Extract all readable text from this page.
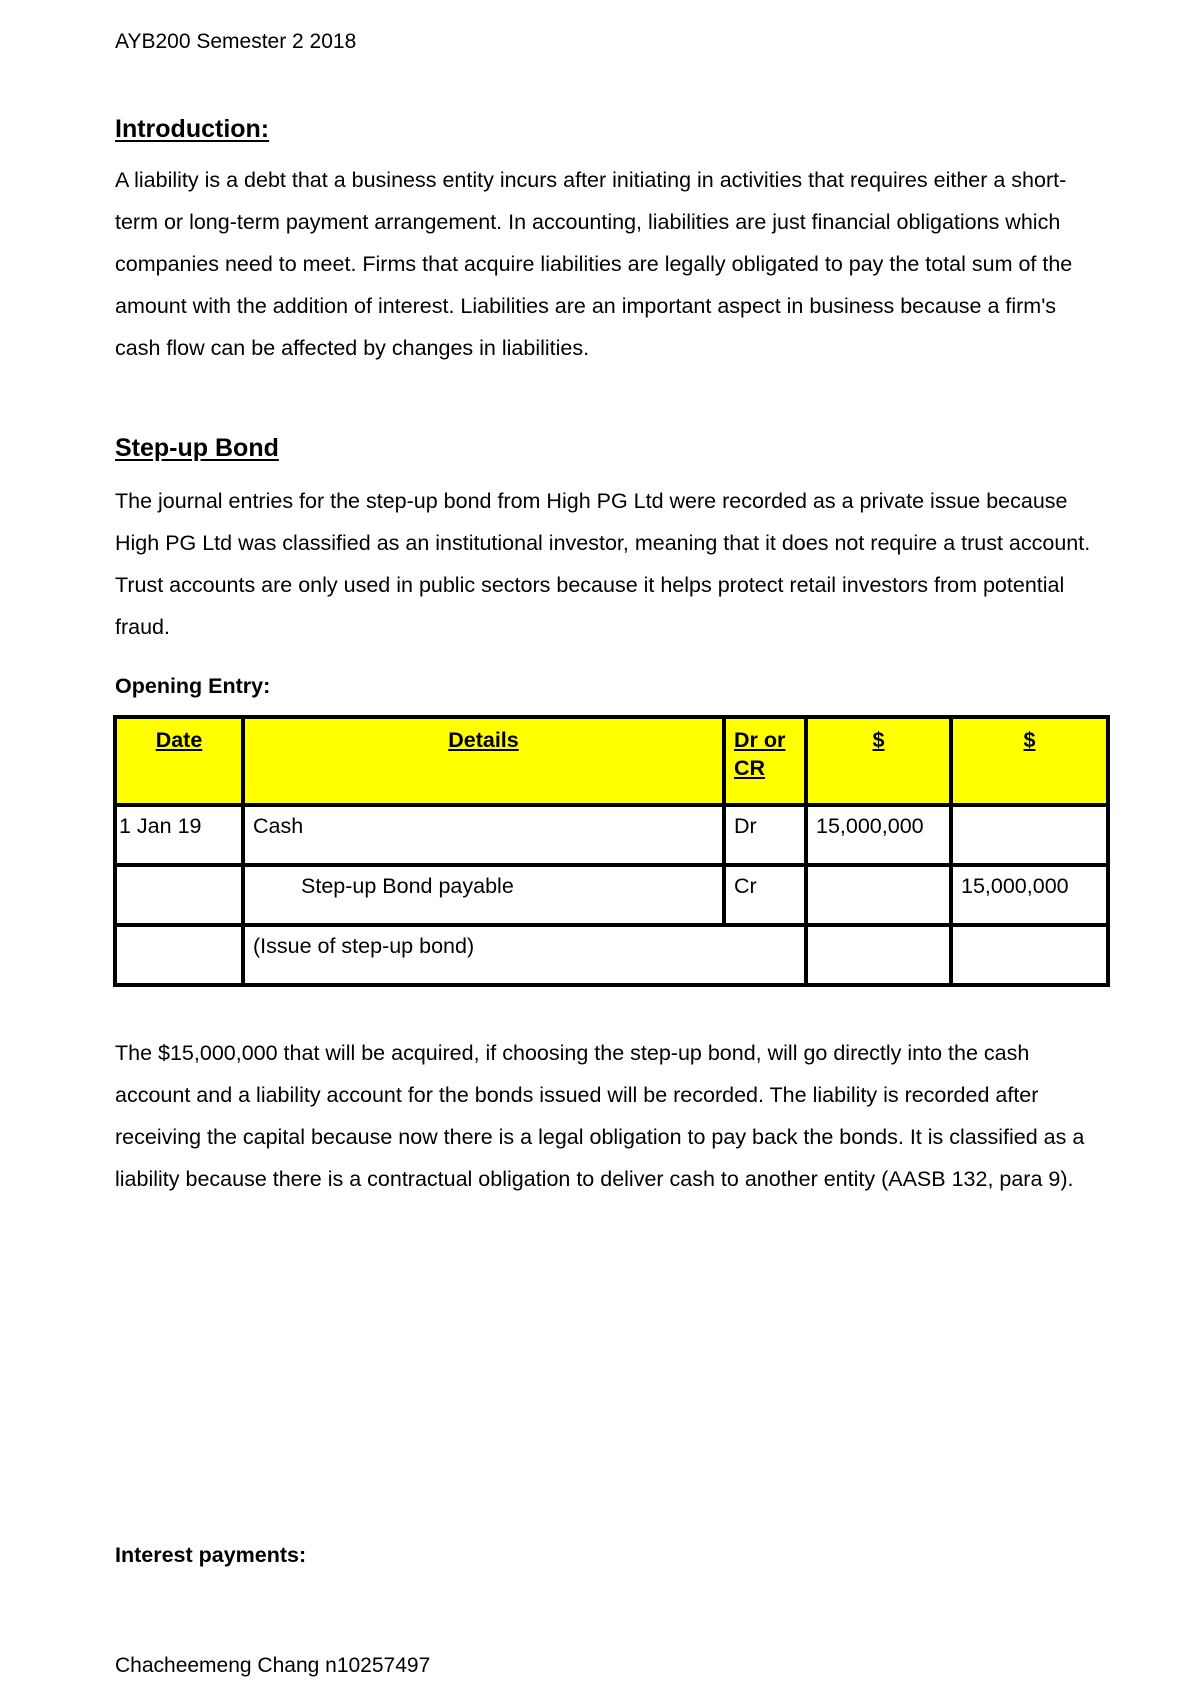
AYB200 Semester 2 2018
Introduction:
A liability is a debt that a business entity incurs after initiating in activities that requires either a short-term or long-term payment arrangement. In accounting, liabilities are just financial obligations which companies need to meet. Firms that acquire liabilities are legally obligated to pay the total sum of the amount with the addition of interest. Liabilities are an important aspect in business because a firm's cash flow can be affected by changes in liabilities.
Step-up Bond
The journal entries for the step-up bond from High PG Ltd were recorded as a private issue because High PG Ltd was classified as an institutional investor, meaning that it does not require a trust account. Trust accounts are only used in public sectors because it helps protect retail investors from potential fraud.
Opening Entry:
Date	Details	Dr or CR	$	$
1 Jan 19	Cash	Dr	15,000,000	
	Step-up Bond payable	Cr		15,000,000
	(Issue of step-up bond)			
The $15,000,000 that will be acquired, if choosing the step-up bond, will go directly into the cash account and a liability account for the bonds issued will be recorded. The liability is recorded after receiving the capital because now there is a legal obligation to pay back the bonds. It is classified as a liability because there is a contractual obligation to deliver cash to another entity (AASB 132, para 9).
Interest payments:
Chacheemeng Chang n10257497
